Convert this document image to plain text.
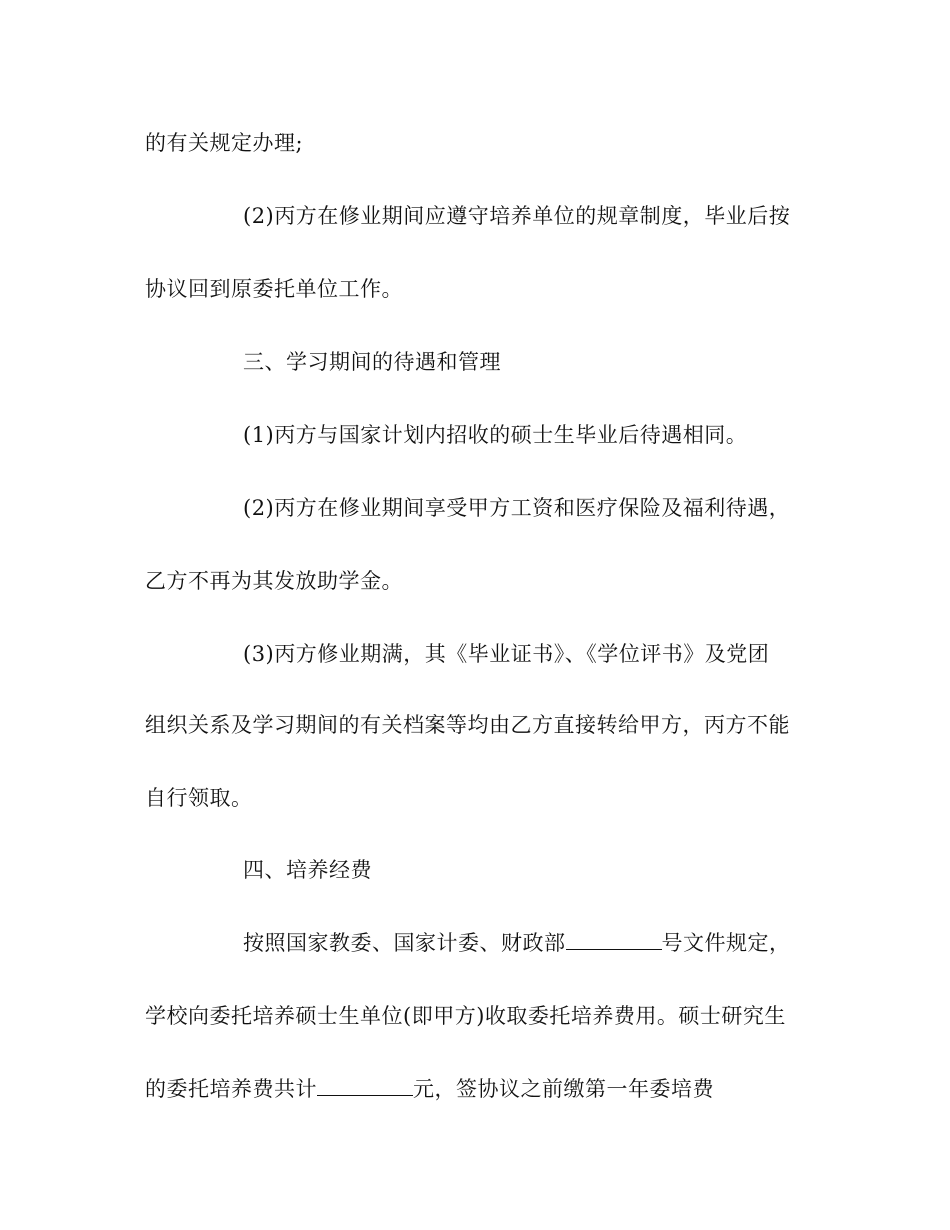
的有关规定办理;
(2)丙方在修业期间应遵守培养单位的规章制度，毕业后按
协议回到原委托单位工作。
三、学习期间的待遇和管理
(1)丙方与国家计划内招收的硕士生毕业后待遇相同。
(2)丙方在修业期间享受甲方工资和医疗保险及福利待遇，
乙方不再为其发放助学金。
(3)丙方修业期满，其《毕业证书》、《学位评书》及党团
组织关系及学习期间的有关档案等均由乙方直接转给甲方，丙方不能
自行领取。
四、培养经费
按照国家教委、国家计委、财政部	号文件规定，
学校向委托培养硕士生单位(即甲方)收取委托培养费用。硕士研究生
的委托培养费共计	元，签协议之前缴第一年委培费
